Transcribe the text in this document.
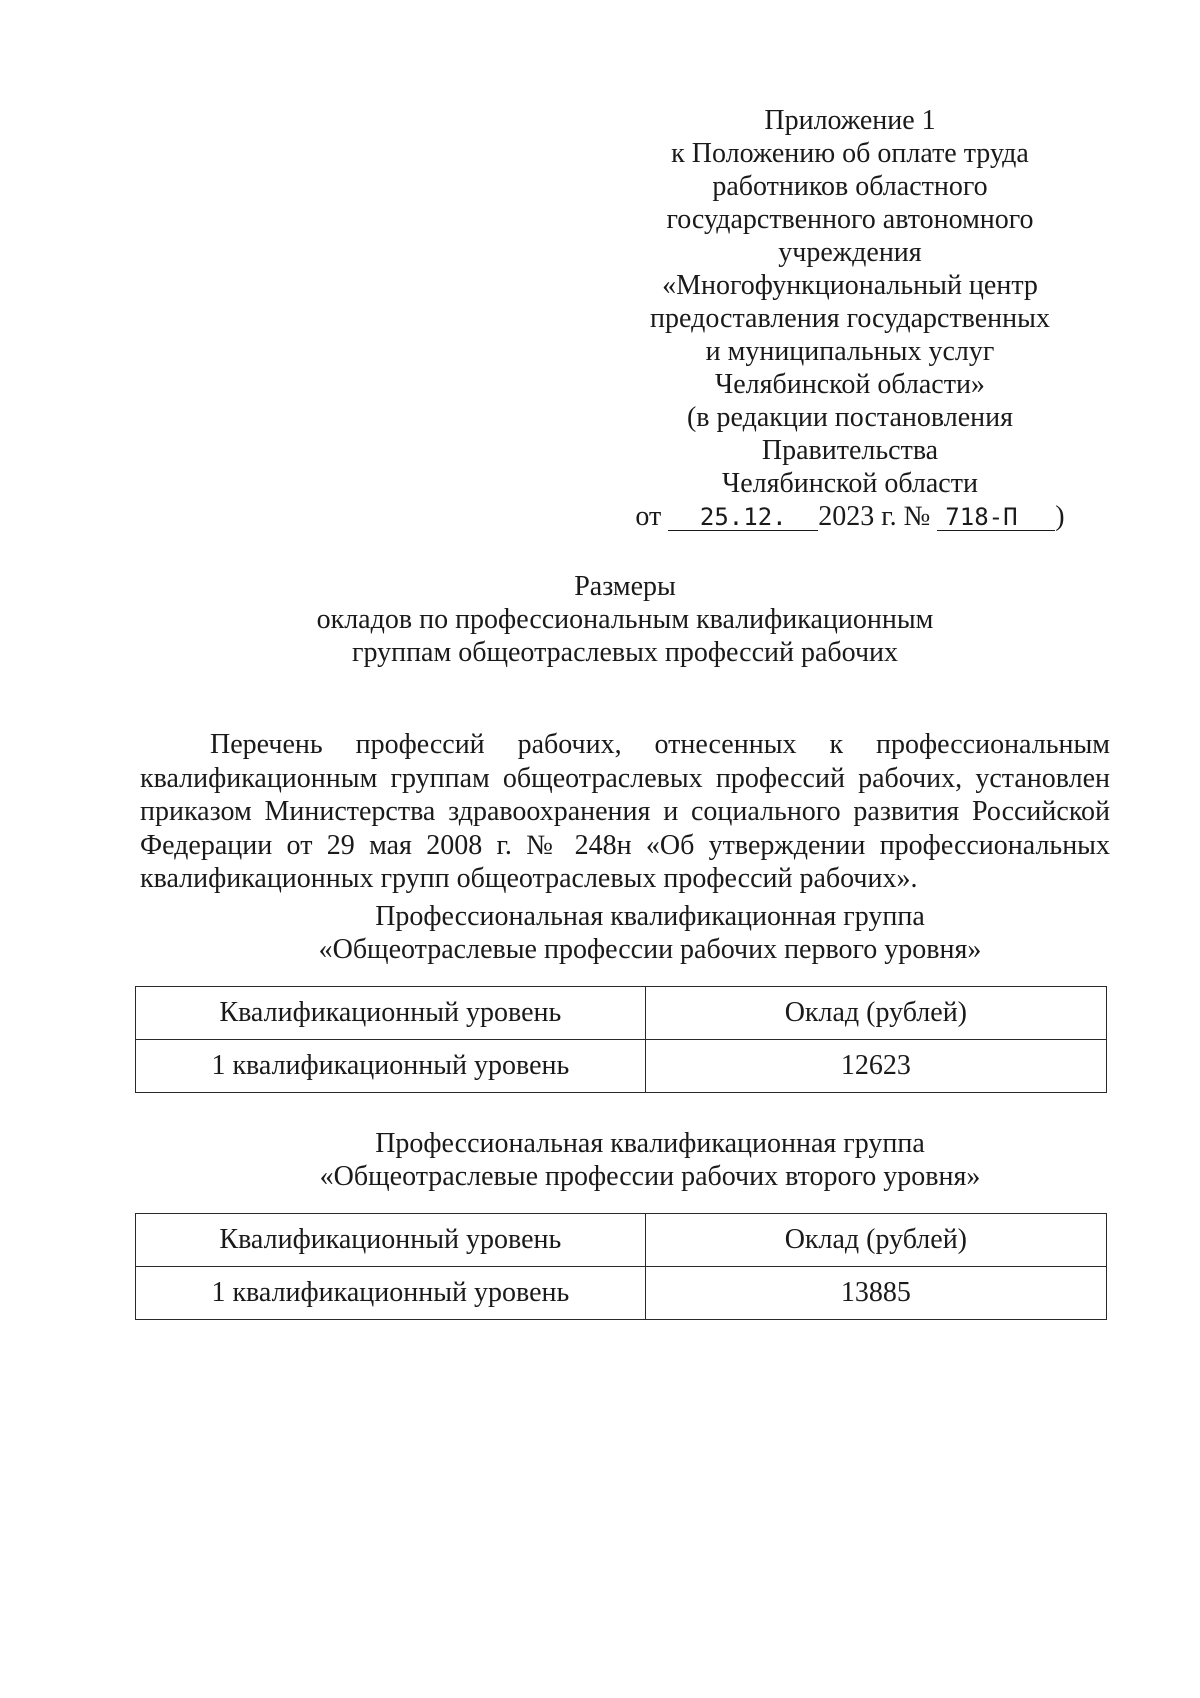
Приложение 1
к Положению об оплате труда
работников областного
государственного автономного
учреждения
«Многофункциональный центр
предоставления государственных
и муниципальных услуг
Челябинской области»
(в редакции постановления
Правительства
Челябинской области
от 25.12. 2023 г. № 718-П )
Размеры
окладов по профессиональным квалификационным
группам общеотраслевых профессий рабочих

Перечень профессий рабочих, отнесенных к профессиональным квалификационным группам общеотраслевых профессий рабочих, установлен приказом Министерства здравоохранения и социального развития Российской Федерации от 29 мая 2008 г. № 248н «Об утверждении профессиональных квалификационных групп общеотраслевых профессий рабочих».

Профессиональная квалификационная группа
«Общеотраслевые профессии рабочих первого уровня»
Квалификационный уровень	Оклад (рублей)
1 квалификационный уровень	12623
Профессиональная квалификационная группа
«Общеотраслевые профессии рабочих второго уровня»
Квалификационный уровень	Оклад (рублей)
1 квалификационный уровень	13885
